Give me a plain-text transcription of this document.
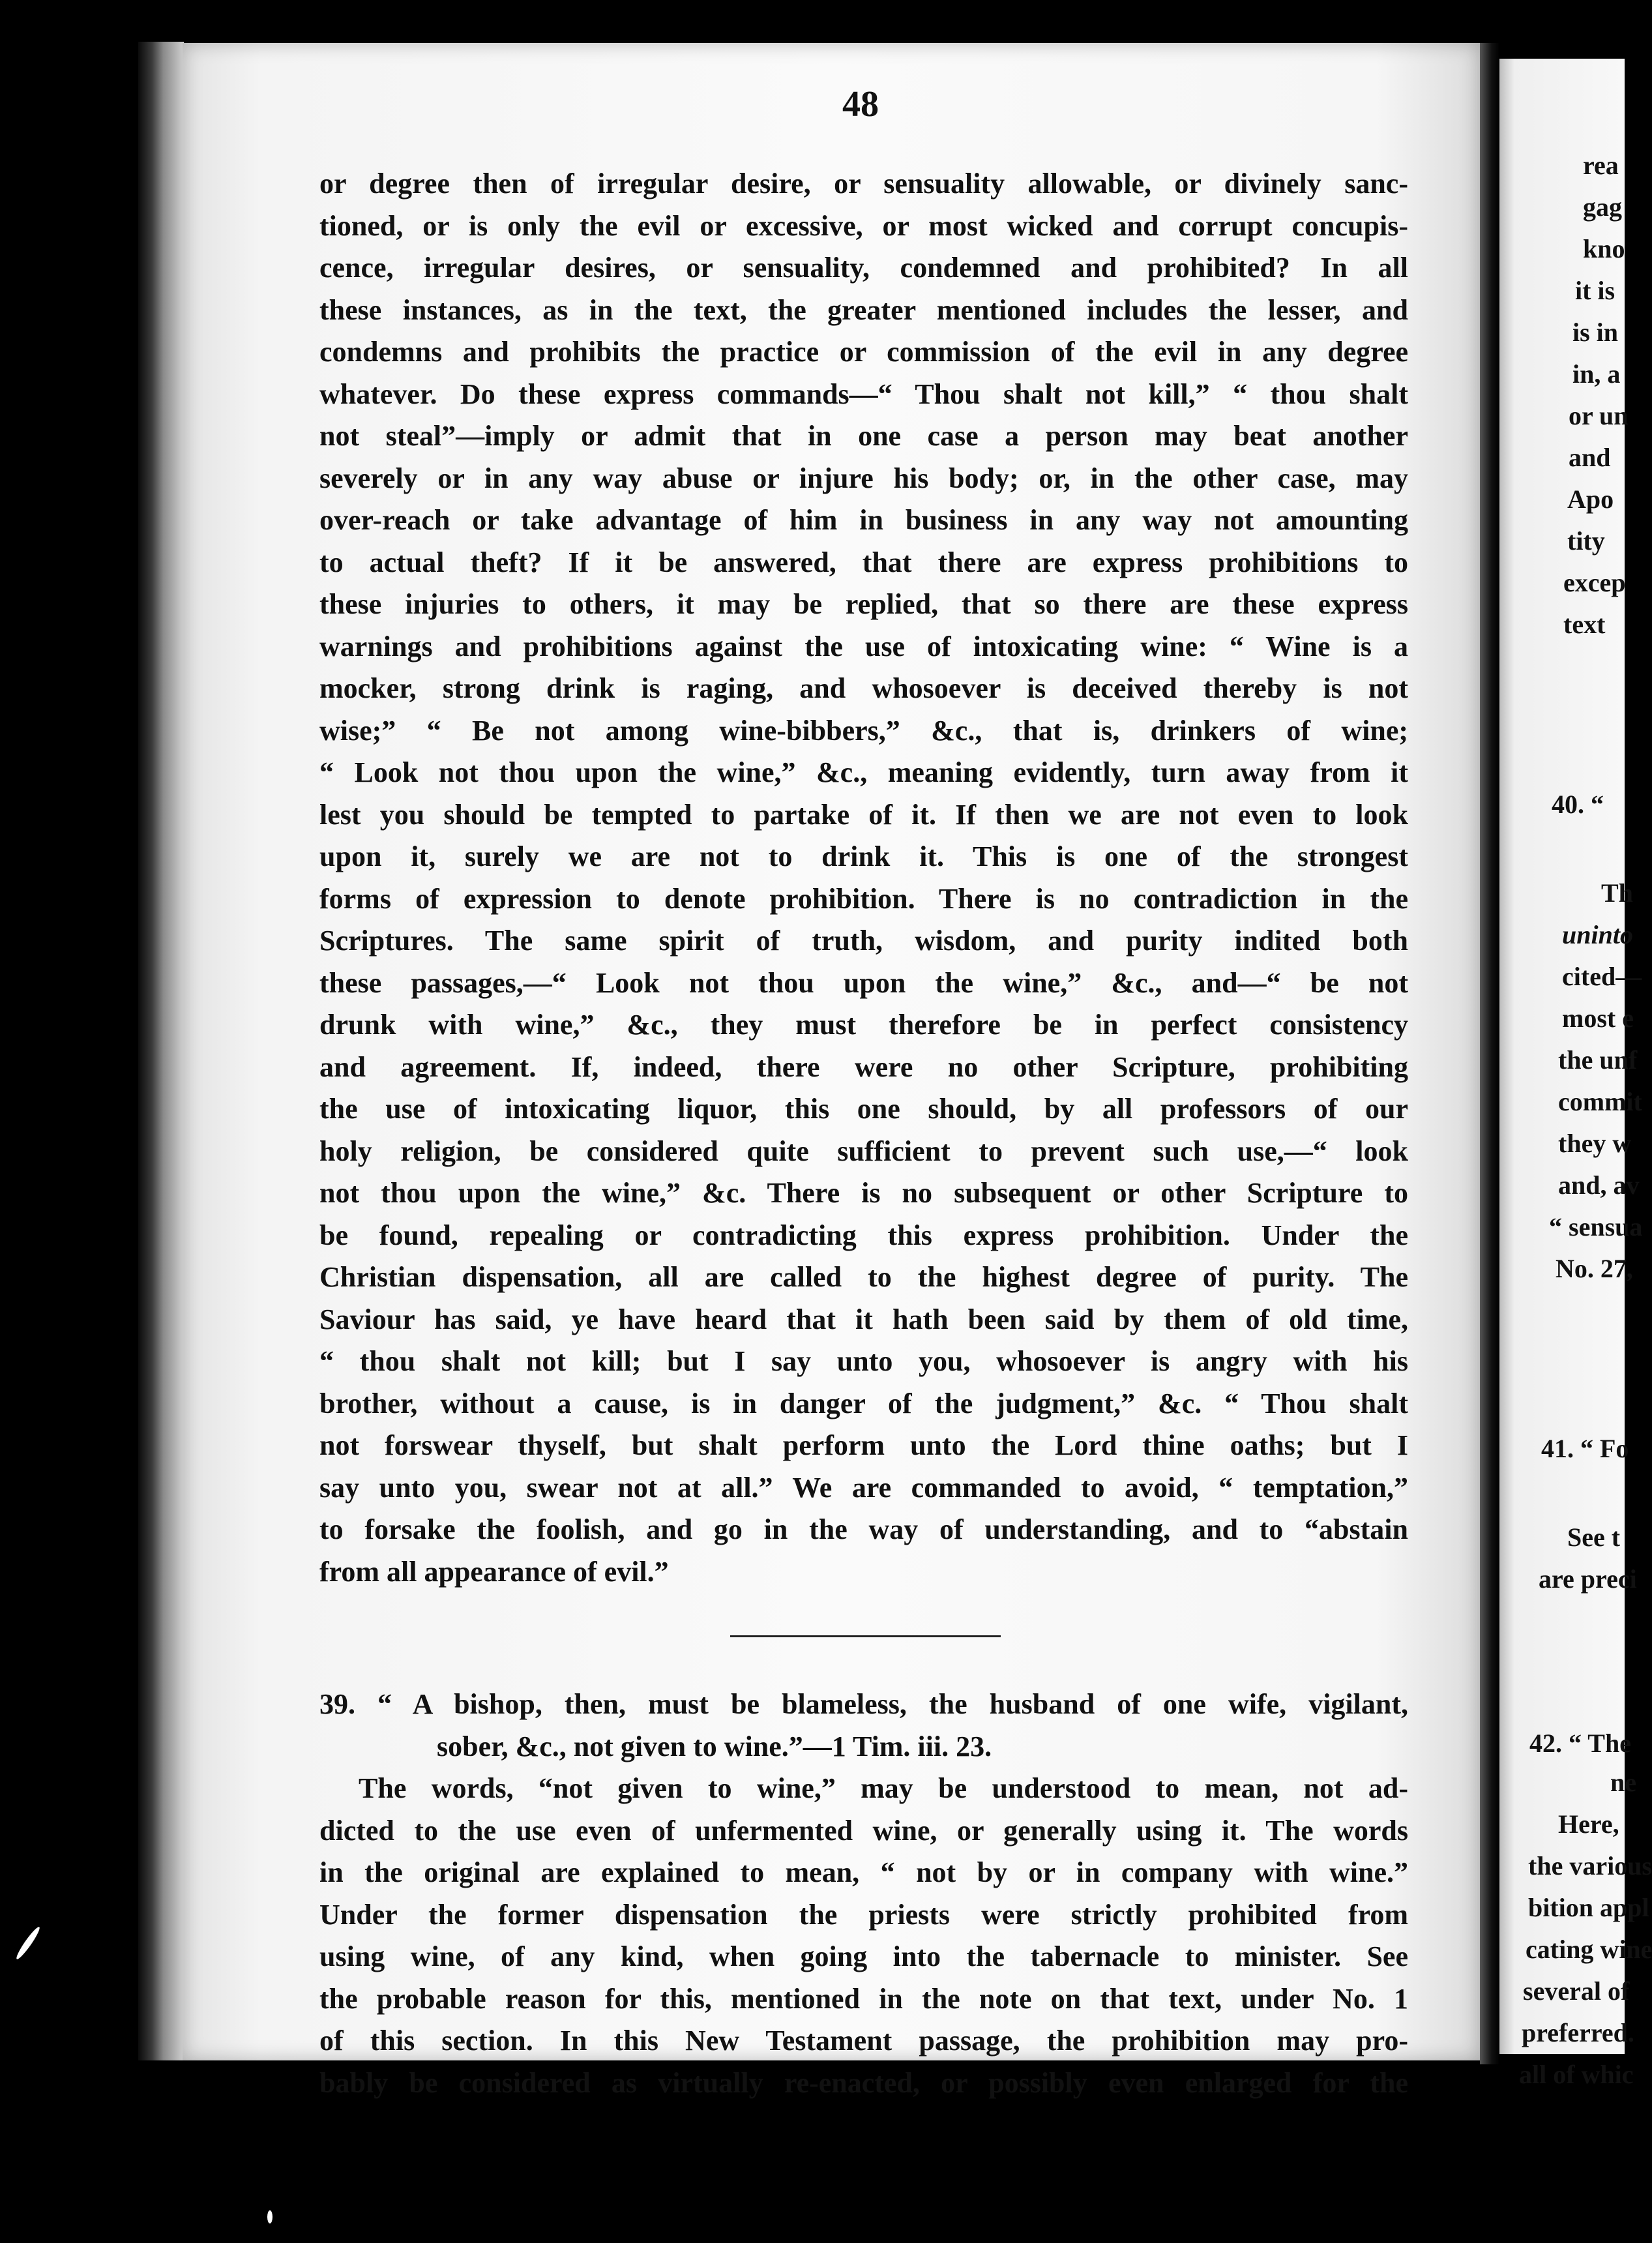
48
or degree then of irregular desire, or sensuality allowable, or divinely sanc-
tioned, or is only the evil or excessive, or most wicked and corrupt concupis-
cence, irregular desires, or sensuality, condemned and prohibited? In all
these instances, as in the text, the greater mentioned includes the lesser, and
condemns and prohibits the practice or commission of the evil in any degree
whatever. Do these express commands—“ Thou shalt not kill,” “ thou shalt
not steal”—imply or admit that in one case a person may beat another
severely or in any way abuse or injure his body; or, in the other case, may
over-reach or take advantage of him in business in any way not amounting
to actual theft? If it be answered, that there are express prohibitions to
these injuries to others, it may be replied, that so there are these express
warnings and prohibitions against the use of intoxicating wine: “ Wine is a
mocker, strong drink is raging, and whosoever is deceived thereby is not
wise;” “ Be not among wine-bibbers,” &c., that is, drinkers of wine;
“ Look not thou upon the wine,” &c., meaning evidently, turn away from it
lest you should be tempted to partake of it. If then we are not even to look
upon it, surely we are not to drink it. This is one of the strongest
forms of expression to denote prohibition. There is no contradiction in the
Scriptures. The same spirit of truth, wisdom, and purity indited both
these passages,—“ Look not thou upon the wine,” &c., and—“ be not
drunk with wine,” &c., they must therefore be in perfect consistency
and agreement. If, indeed, there were no other Scripture, prohibiting
the use of intoxicating liquor, this one should, by all professors of our
holy religion, be considered quite sufficient to prevent such use,—“ look
not thou upon the wine,” &c. There is no subsequent or other Scripture to
be found, repealing or contradicting this express prohibition. Under the
Christian dispensation, all are called to the highest degree of purity. The
Saviour has said, ye have heard that it hath been said by them of old time,
“ thou shalt not kill; but I say unto you, whosoever is angry with his
brother, without a cause, is in danger of the judgment,” &c. “ Thou shalt
not forswear thyself, but shalt perform unto the Lord thine oaths; but I
say unto you, swear not at all.” We are commanded to avoid, “ temptation,”
to forsake the foolish, and go in the way of understanding, and to “abstain
from all appearance of evil.”
39. “ A bishop, then, must be blameless, the husband of one wife, vigilant,
sober, &c., not given to wine.”—1 Tim. iii. 23.
The words, “not given to wine,” may be understood to mean, not ad-
dicted to the use even of unfermented wine, or generally using it. The words
in the original are explained to mean, “ not by or in company with wine.”
Under the former dispensation the priests were strictly prohibited from
using wine, of any kind, when going into the tabernacle to minister. See
the probable reason for this, mentioned in the note on that text, under No. 1
of this section. In this New Testament passage, the prohibition may pro-
bably be considered as virtually re-enacted, or possibly even enlarged for the
rea
gag
kno
it is
is in
in, a
or un
and
Apo
tity
excep
text
40. “
Th
uninto
cited—
most e
the unf
commit
they w
and, av
“ sensua
No. 27,
41. “ Fo
See t
are preci
42. “ The
ne
Here,
the various
bition appl
cating wine
several of
preferred.
all of whic
